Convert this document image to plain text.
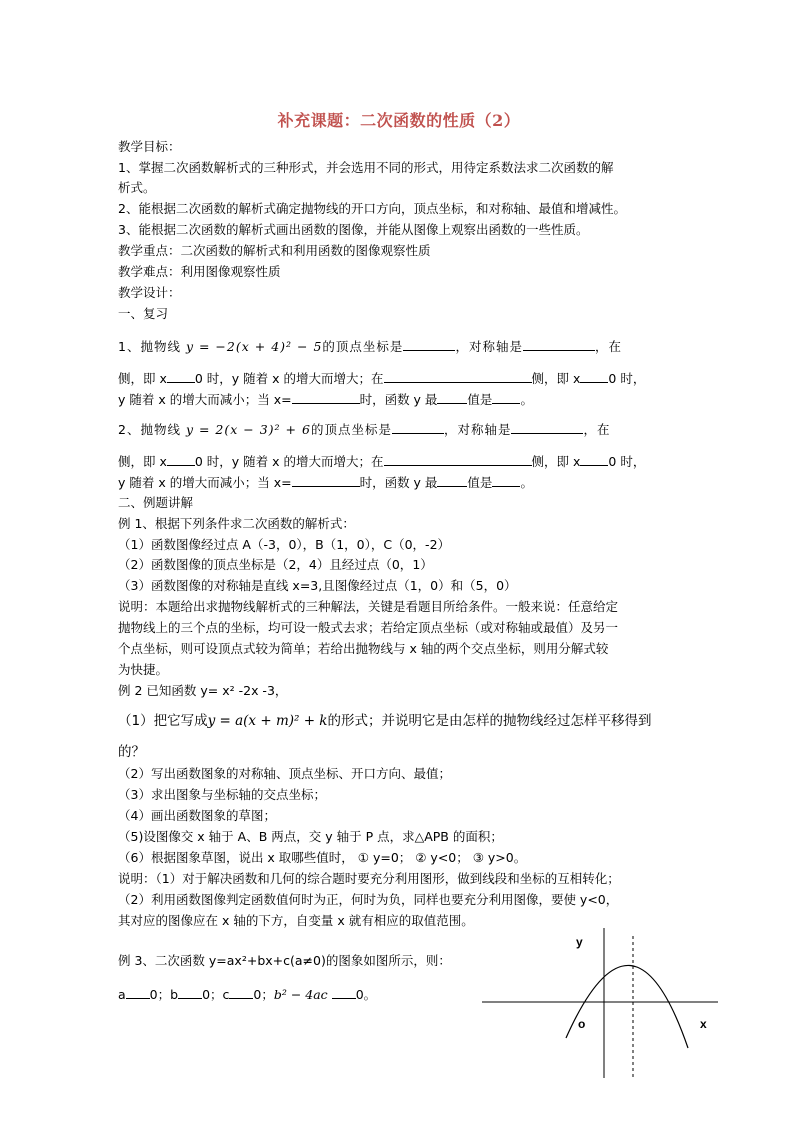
补充课题：二次函数的性质（2）
教学目标：
1、掌握二次函数解析式的三种形式，并会选用不同的形式，用待定系数法求二次函数的解
析式。
2、能根据二次函数的解析式确定抛物线的开口方向，顶点坐标，和对称轴、最值和增减性。
3、能根据二次函数的解析式画出函数的图像，并能从图像上观察出函数的一些性质。
教学重点：二次函数的解析式和利用函数的图像观察性质
教学难点：利用图像观察性质
教学设计：
一、复习
1、抛物线 y = −2(x + 4)² − 5的顶点坐标是	，对称轴是	，在
侧，即 x 0 时，y 随着 x 的增大而增大；在	侧，即 x 0 时，
y 随着 x 的增大而减小；当 x=	时，函数 y 最 值是 。
2、抛物线 y = 2(x − 3)² + 6的顶点坐标是	，对称轴是	，在
侧，即 x 0 时，y 随着 x 的增大而增大；在	侧，即 x 0 时，
y 随着 x 的增大而减小；当 x=	时，函数 y 最 值是 。
二、例题讲解
例 1、根据下列条件求二次函数的解析式：
（1）函数图像经过点 A（-3，0），B（1，0），C（0，-2）
（2）函数图像的顶点坐标是（2，4）且经过点（0，1）
（3）函数图像的对称轴是直线 x=3,且图像经过点（1，0）和（5，0）
说明：本题给出求抛物线解析式的三种解法，关键是看题目所给条件。一般来说：任意给定
抛物线上的三个点的坐标，均可设一般式去求；若给定顶点坐标（或对称轴或最值）及另一
个点坐标，则可设顶点式较为简单；若给出抛物线与 x 轴的两个交点坐标，则用分解式较
为快捷。
例 2 已知函数 y= x² -2x -3，
（1）把它写成y = a(x + m)² + k的形式；并说明它是由怎样的抛物线经过怎样平移得到
的？
（2）写出函数图象的对称轴、顶点坐标、开口方向、最值；
（3）求出图象与坐标轴的交点坐标；
（4）画出函数图象的草图；
（5)设图像交 x 轴于 A、B 两点，交 y 轴于 P 点，求△APB 的面积；
（6）根据图象草图，说出 x 取哪些值时， ① y=0； ② y<0； ③ y>0。
说明：（1）对于解决函数和几何的综合题时要充分利用图形，做到线段和坐标的互相转化；
（2）利用函数图像判定函数值何时为正，何时为负，同样也要充分利用图像，要使 y<0，
其对应的图像应在 x 轴的下方，自变量 x 就有相应的取值范围。
例 3、二次函数 y=ax²+bx+c(a≠0)的图象如图所示，则：
a 0；b 0；c 0；b² − 4ac 0。
y
o	x
